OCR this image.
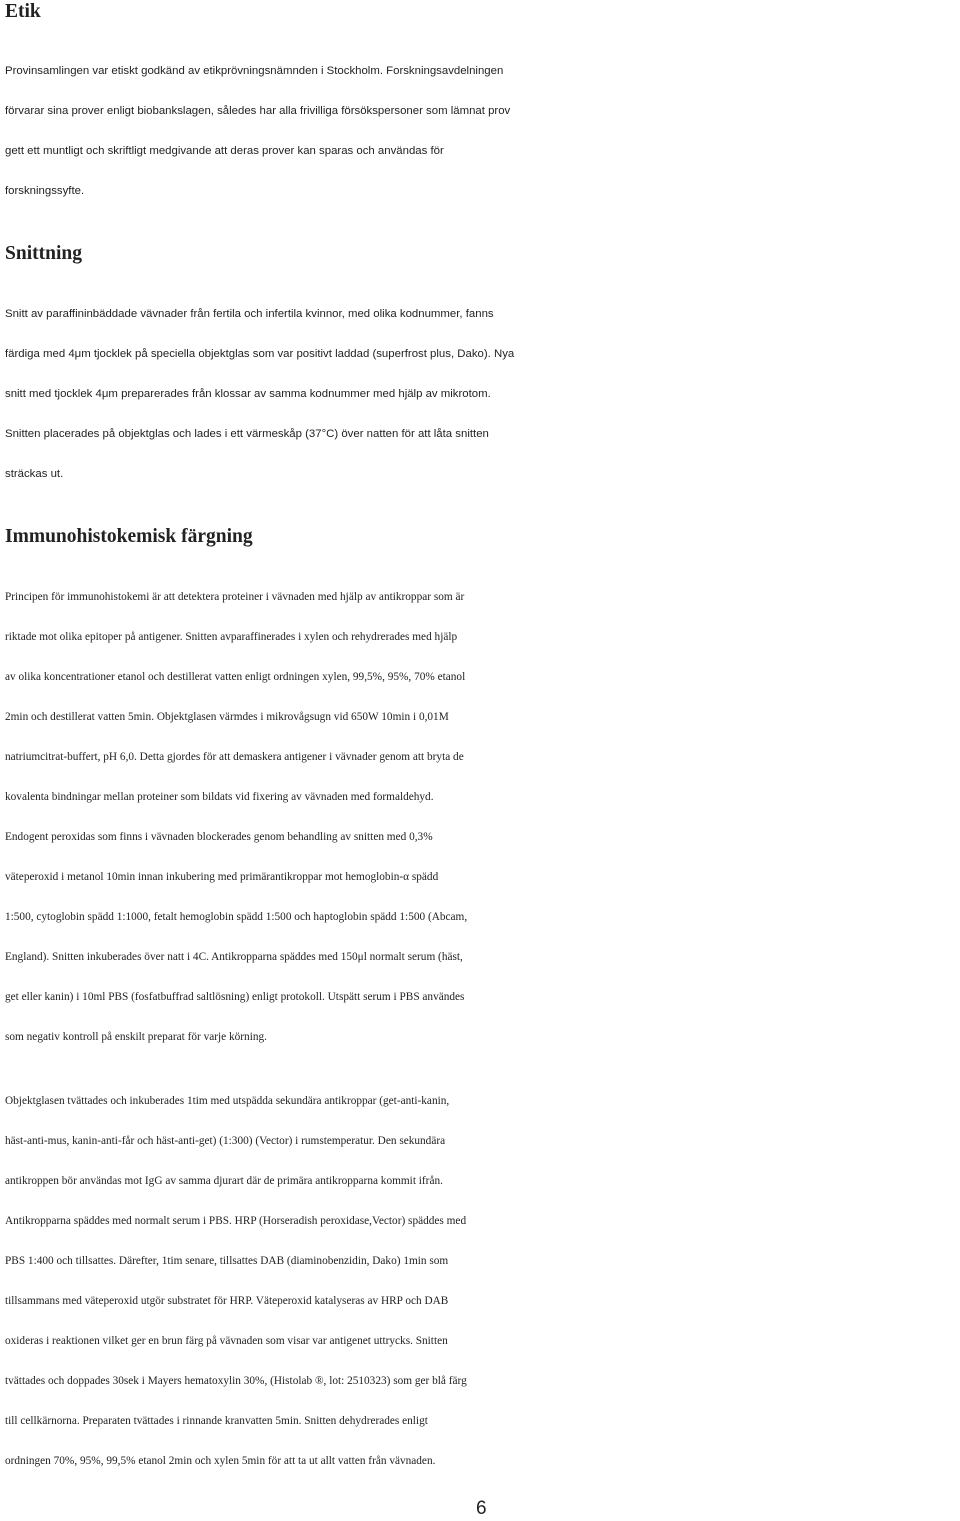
Etik

Provinsamlingen var etiskt godkänd av etikprövningsnämnden i Stockholm. Forskningsavdelningen
förvarar sina prover enligt biobankslagen, således har alla frivilliga försökspersoner som lämnat prov
gett ett muntligt och skriftligt medgivande att deras prover kan sparas och användas för
forskningssyfte.

Snittning

Snitt av paraffininbäddade vävnader från fertila och infertila kvinnor, med olika kodnummer, fanns
färdiga med 4μm tjocklek på speciella objektglas som var positivt laddad (superfrost plus, Dako). Nya
snitt med tjocklek 4μm preparerades från klossar av samma kodnummer med hjälp av mikrotom.
Snitten placerades på objektglas och lades i ett värmeskåp (37°C) över natten för att låta snitten
sträckas ut.

Immunohistokemisk färgning

Principen för immunohistokemi är att detektera proteiner i vävnaden med hjälp av antikroppar som är
riktade mot olika epitoper på antigener. Snitten avparaffinerades i xylen och rehydrerades med hjälp
av olika koncentrationer etanol och destillerat vatten enligt ordningen xylen, 99,5%, 95%, 70% etanol
2min och destillerat vatten 5min. Objektglasen värmdes i mikrovågsugn vid 650W 10min i 0,01M
natriumcitrat-buffert, pH 6,0. Detta gjordes för att demaskera antigener i vävnader genom att bryta de
kovalenta bindningar mellan proteiner som bildats vid fixering av vävnaden med formaldehyd.
Endogent peroxidas som finns i vävnaden blockerades genom behandling av snitten med 0,3%
väteperoxid i metanol 10min innan inkubering med primärantikroppar mot hemoglobin-α spädd
1:500, cytoglobin spädd 1:1000, fetalt hemoglobin spädd 1:500 och haptoglobin spädd 1:500 (Abcam,
England). Snitten inkuberades över natt i 4C. Antikropparna späddes med 150μl normalt serum (häst,
get eller kanin) i 10ml PBS (fosfatbuffrad saltlösning) enligt protokoll. Utspätt serum i PBS användes
som negativ kontroll på enskilt preparat för varje körning.

Objektglasen tvättades och inkuberades 1tim med utspädda sekundära antikroppar (get-anti-kanin,
häst-anti-mus, kanin-anti-får och häst-anti-get) (1:300) (Vector) i rumstemperatur. Den sekundära
antikroppen bör användas mot IgG av samma djurart där de primära antikropparna kommit ifrån.
Antikropparna späddes med normalt serum i PBS. HRP (Horseradish peroxidase,Vector) späddes med
PBS 1:400 och tillsattes. Därefter, 1tim senare, tillsattes DAB (diaminobenzidin, Dako) 1min som
tillsammans med väteperoxid utgör substratet för HRP. Väteperoxid katalyseras av HRP och DAB
oxideras i reaktionen vilket ger en brun färg på vävnaden som visar var antigenet uttrycks. Snitten
tvättades och doppades 30sek i Mayers hematoxylin 30%, (Histolab ®, lot: 2510323) som ger blå färg
till cellkärnorna. Preparaten tvättades i rinnande kranvatten 5min. Snitten dehydrerades enligt
ordningen 70%, 95%, 99,5% etanol 2min och xylen 5min för att ta ut allt vatten från vävnaden.

6
